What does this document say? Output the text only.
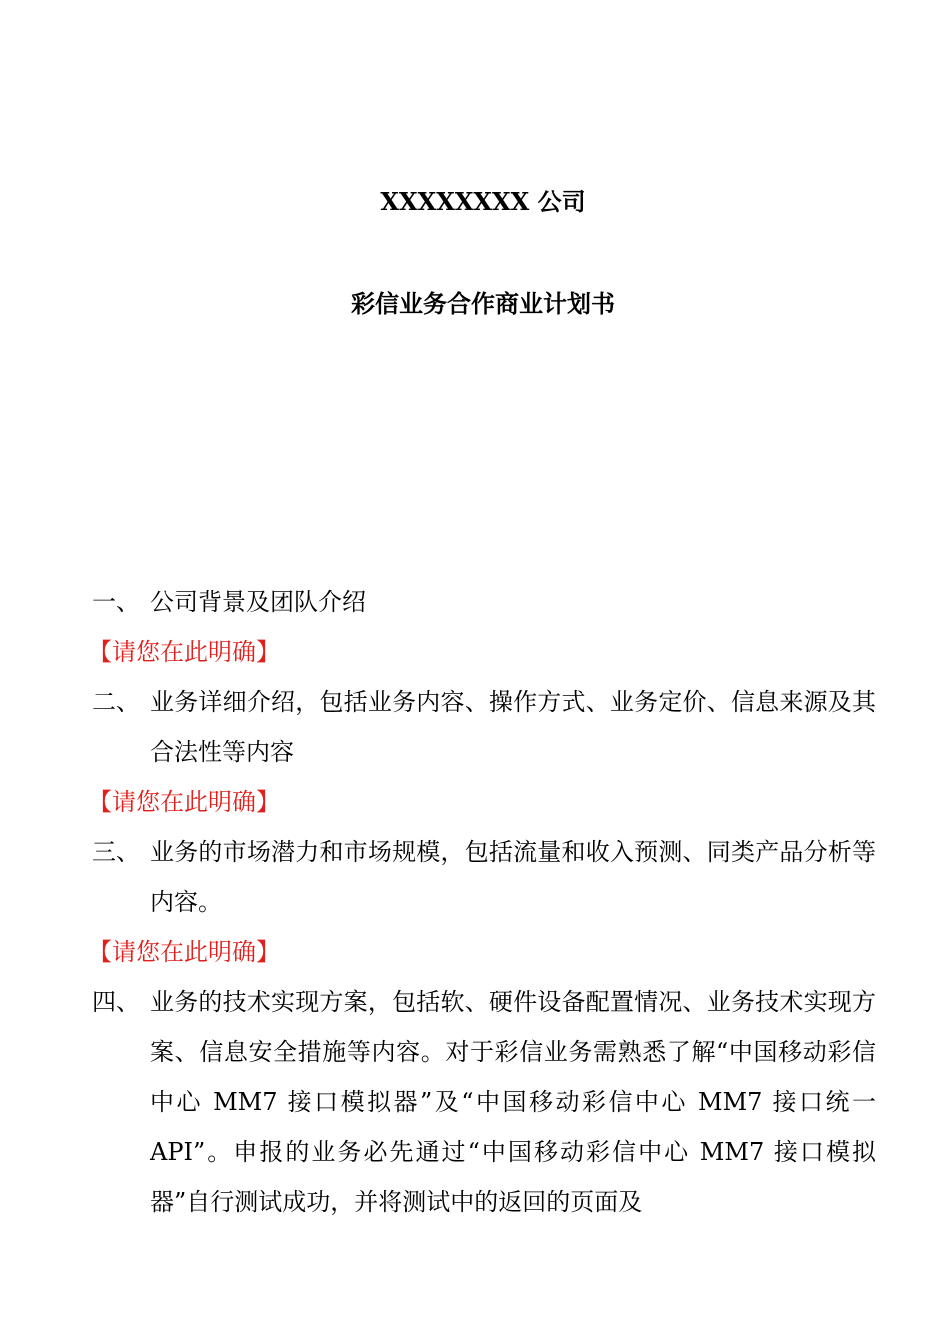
XXXXXXXX 公司
彩信业务合作商业计划书
一、 公司背景及团队介绍
【请您在此明确】
二、 业务详细介绍，包括业务内容、操作方式、业务定价、信息来源及其合法性等内容
【请您在此明确】
三、 业务的市场潜力和市场规模，包括流量和收入预测、同类产品分析等内容。
【请您在此明确】
四、 业务的技术实现方案，包括软、硬件设备配置情况、业务技术实现方案、信息安全措施等内容。对于彩信业务需熟悉了解“中国移动彩信中心 MM7 接口模拟器”及“中国移动彩信中心 MM7 接口统一 API”。申报的业务必先通过“中国移动彩信中心 MM7 接口模拟器”自行测试成功，并将测试中的返回的页面及
